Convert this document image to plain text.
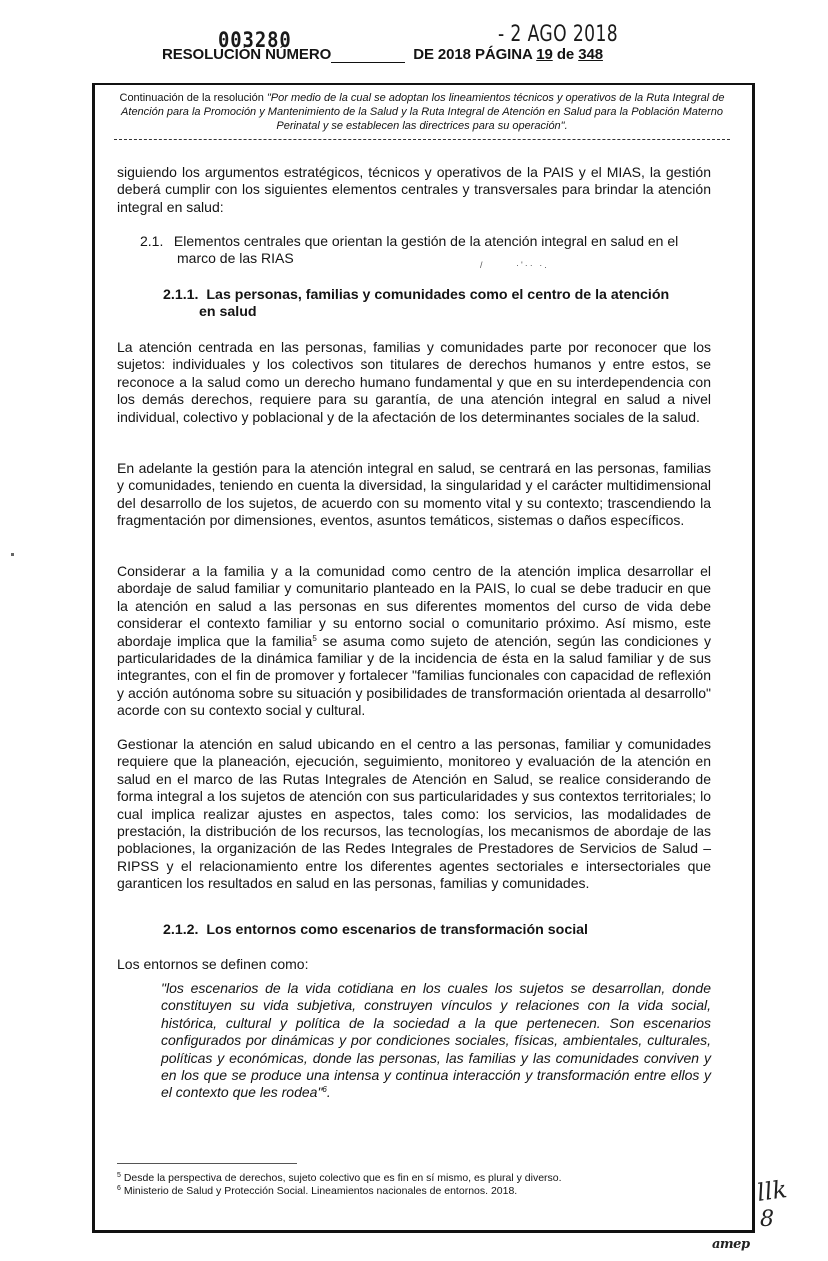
- 2 AGO 2018
003280
RESOLUCIÓN NÚMERO	DE 2018 PÁGINA 19 de 348
Continuación de la resolución "Por medio de la cual se adoptan los lineamientos técnicos y operativos de la Ruta Integral de Atención para la Promoción y Mantenimiento de la Salud y la Ruta Integral de Atención en Salud para la Población Materno Perinatal y se establecen las directrices para su operación".
siguiendo los argumentos estratégicos, técnicos y operativos de la PAIS y el MIAS, la gestión deberá cumplir con los siguientes elementos centrales y transversales para brindar la atención integral en salud:
2.1. Elementos centrales que orientan la gestión de la atención integral en salud en el
marco de las RIAS	/       ·'·· ·.
2.1.1. Las personas, familias y comunidades como el centro de la atención
en salud
La atención centrada en las personas, familias y comunidades parte por reconocer que los sujetos: individuales y los colectivos son titulares de derechos humanos y entre estos, se reconoce a la salud como un derecho humano fundamental y que en su interdependencia con los demás derechos, requiere para su garantía, de una atención integral en salud a nivel individual, colectivo y poblacional y de la afectación de los determinantes sociales de la salud.
En adelante la gestión para la atención integral en salud, se centrará en las personas, familias y comunidades, teniendo en cuenta la diversidad, la singularidad y el carácter multidimensional del desarrollo de los sujetos, de acuerdo con su momento vital y su contexto; trascendiendo la fragmentación por dimensiones, eventos, asuntos temáticos, sistemas o daños específicos.
Considerar a la familia y a la comunidad como centro de la atención implica desarrollar el abordaje de salud familiar y comunitario planteado en la PAIS, lo cual se debe traducir en que la atención en salud a las personas en sus diferentes momentos del curso de vida debe considerar el contexto familiar y su entorno social o comunitario próximo. Así mismo, este abordaje implica que la familia$^5$ se asuma como sujeto de atención, según las condiciones y particularidades de la dinámica familiar y de la incidencia de ésta en la salud familiar y de sus integrantes, con el fin de promover y fortalecer "familias funcionales con capacidad de reflexión y acción autónoma sobre su situación y posibilidades de transformación orientada al desarrollo" acorde con su contexto social y cultural.
Gestionar la atención en salud ubicando en el centro a las personas, familiar y comunidades requiere que la planeación, ejecución, seguimiento, monitoreo y evaluación de la atención en salud en el marco de las Rutas Integrales de Atención en Salud, se realice considerando de forma integral a los sujetos de atención con sus particularidades y sus contextos territoriales; lo cual implica realizar ajustes en aspectos, tales como: los servicios, las modalidades de prestación, la distribución de los recursos, las tecnologías, los mecanismos de abordaje de las poblaciones, la organización de las Redes Integrales de Prestadores de Servicios de Salud – RIPSS y el relacionamiento entre los diferentes agentes sectoriales e intersectoriales que garanticen los resultados en salud en las personas, familias y comunidades.
2.1.2. Los entornos como escenarios de transformación social
Los entornos se definen como:
"los escenarios de la vida cotidiana en los cuales los sujetos se desarrollan, donde constituyen su vida subjetiva, construyen vínculos y relaciones con la vida social, histórica, cultural y política de la sociedad a la que pertenecen. Son escenarios configurados por dinámicas y por condiciones sociales, físicas, ambientales, culturales, políticas y económicas, donde las personas, las familias y las comunidades conviven y en los que se produce una intensa y continua interacción y transformación entre ellos y el contexto que les rodea"$^6$.
$^5$ Desde la perspectiva de derechos, sujeto colectivo que es fin en sí mismo, es plural y diverso.
$^6$ Ministerio de Salud y Protección Social. Lineamientos nacionales de entornos. 2018.	llk
8
amep
